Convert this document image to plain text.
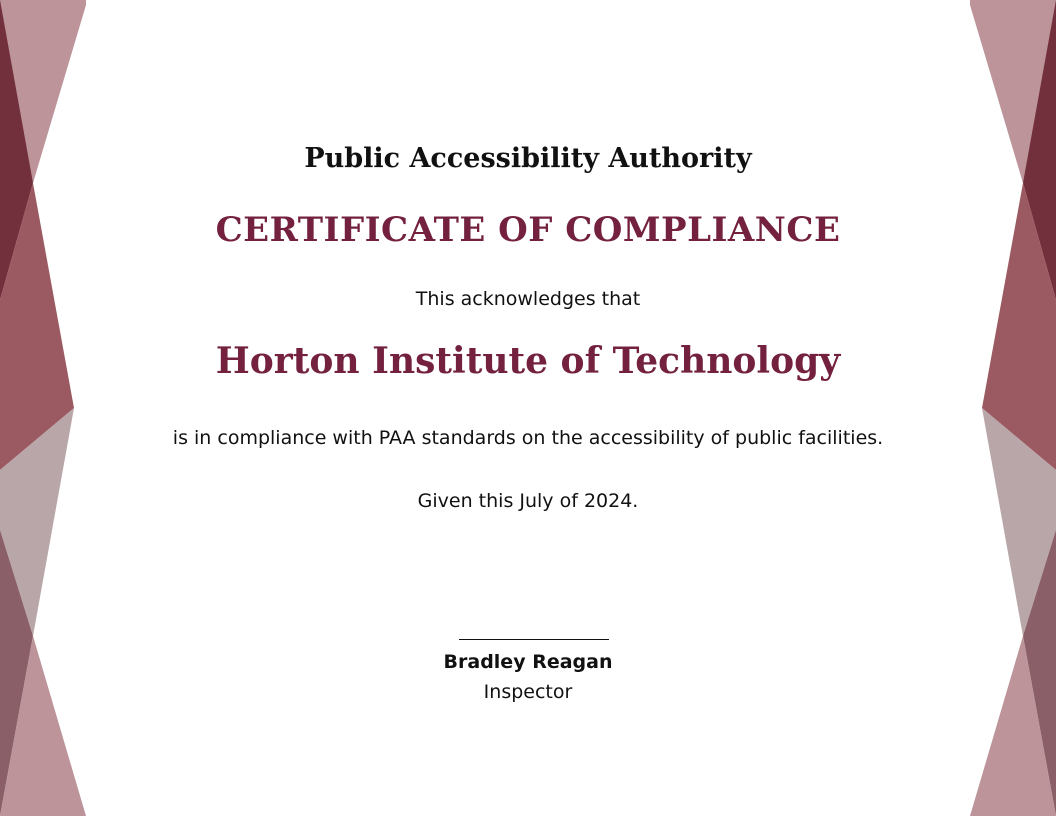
Public Accessibility Authority

CERTIFICATE OF COMPLIANCE

This acknowledges that

Horton Institute of Technology

is in compliance with PAA standards on the accessibility of public facilities.

Given this July of 2024.

Bradley Reagan

Inspector
